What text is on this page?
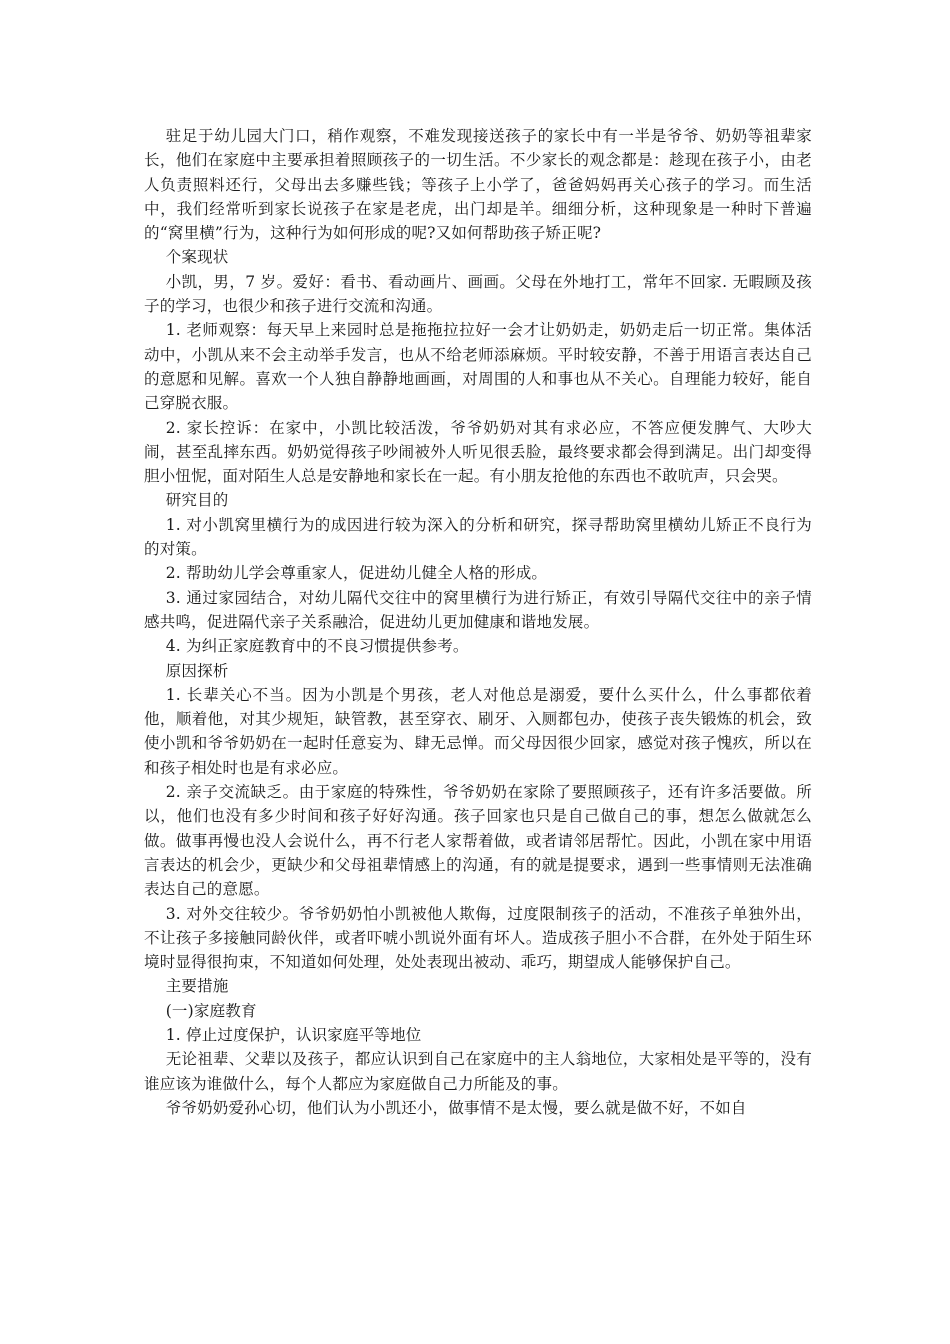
驻足于幼儿园大门口，稍作观察，不难发现接送孩子的家长中有一半是爷爷、奶奶等祖辈家长，他们在家庭中主要承担着照顾孩子的一切生活。不少家长的观念都是：趁现在孩子小，由老人负责照料还行，父母出去多赚些钱；等孩子上小学了，爸爸妈妈再关心孩子的学习。而生活中，我们经常听到家长说孩子在家是老虎，出门却是羊。细细分析，这种现象是一种时下普遍的“窝里横”行为，这种行为如何形成的呢?又如何帮助孩子矫正呢?

个案现状

小凯，男，7 岁。爱好：看书、看动画片、画画。父母在外地打工，常年不回家. 无暇顾及孩子的学习，也很少和孩子进行交流和沟通。

1. 老师观察：每天早上来园时总是拖拖拉拉好一会才让奶奶走，奶奶走后一切正常。集体活动中，小凯从来不会主动举手发言，也从不给老师添麻烦。平时较安静，不善于用语言表达自己的意愿和见解。喜欢一个人独自静静地画画，对周围的人和事也从不关心。自理能力较好，能自己穿脱衣服。

2. 家长控诉：在家中，小凯比较活泼，爷爷奶奶对其有求必应，不答应便发脾气、大吵大闹，甚至乱摔东西。奶奶觉得孩子吵闹被外人听见很丢脸，最终要求都会得到满足。出门却变得胆小忸怩，面对陌生人总是安静地和家长在一起。有小朋友抢他的东西也不敢吭声，只会哭。

研究目的

1. 对小凯窝里横行为的成因进行较为深入的分析和研究，探寻帮助窝里横幼儿矫正不良行为的对策。

2. 帮助幼儿学会尊重家人，促进幼儿健全人格的形成。

3. 通过家园结合，对幼儿隔代交往中的窝里横行为进行矫正，有效引导隔代交往中的亲子情感共鸣，促进隔代亲子关系融洽，促进幼儿更加健康和谐地发展。

4. 为纠正家庭教育中的不良习惯提供参考。

原因探析

1. 长辈关心不当。因为小凯是个男孩，老人对他总是溺爱，要什么买什么，什么事都依着他，顺着他，对其少规矩，缺管教，甚至穿衣、刷牙、入厕都包办，使孩子丧失锻炼的机会，致使小凯和爷爷奶奶在一起时任意妄为、肆无忌惮。而父母因很少回家，感觉对孩子愧疚，所以在和孩子相处时也是有求必应。

2. 亲子交流缺乏。由于家庭的特殊性，爷爷奶奶在家除了要照顾孩子，还有许多活要做。所以，他们也没有多少时间和孩子好好沟通。孩子回家也只是自己做自己的事，想怎么做就怎么做。做事再慢也没人会说什么，再不行老人家帮着做，或者请邻居帮忙。因此，小凯在家中用语言表达的机会少，更缺少和父母祖辈情感上的沟通，有的就是提要求，遇到一些事情则无法准确表达自己的意愿。

3. 对外交往较少。爷爷奶奶怕小凯被他人欺侮，过度限制孩子的活动，不准孩子单独外出，不让孩子多接触同龄伙伴，或者吓唬小凯说外面有坏人。造成孩子胆小不合群，在外处于陌生环境时显得很拘束，不知道如何处理，处处表现出被动、乖巧，期望成人能够保护自己。

主要措施

(一)家庭教育

1. 停止过度保护，认识家庭平等地位

无论祖辈、父辈以及孩子，都应认识到自己在家庭中的主人翁地位，大家相处是平等的，没有谁应该为谁做什么，每个人都应为家庭做自己力所能及的事。

爷爷奶奶爱孙心切，他们认为小凯还小，做事情不是太慢，要么就是做不好，不如自
